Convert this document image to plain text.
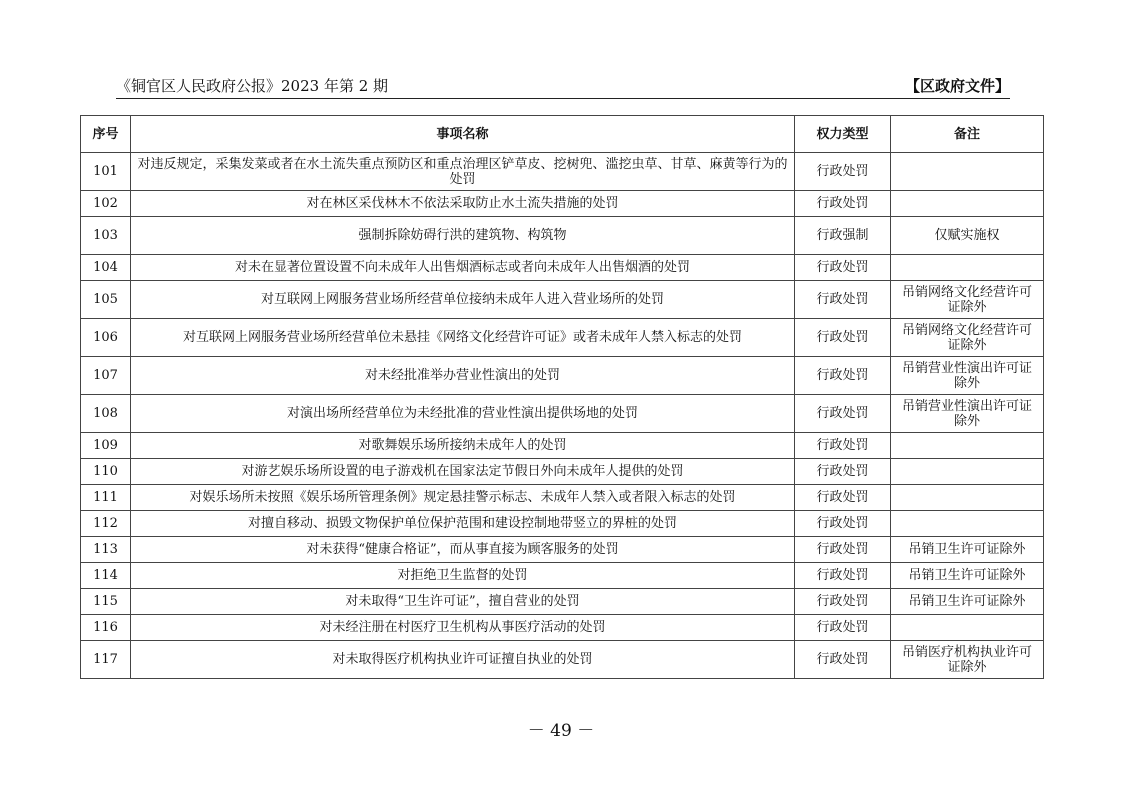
《铜官区人民政府公报》2023 年第 2 期	【区政府文件】
序号	事项名称	权力类型	备注
101	对违反规定，采集发菜或者在水土流失重点预防区和重点治理区铲草皮、挖树兜、滥挖虫草、甘草、麻黄等行为的处罚	行政处罚	
102	对在林区采伐林木不依法采取防止水土流失措施的处罚	行政处罚	
103	强制拆除妨碍行洪的建筑物、构筑物	行政强制	仅赋实施权
104	对未在显著位置设置不向未成年人出售烟酒标志或者向未成年人出售烟酒的处罚	行政处罚	
105	对互联网上网服务营业场所经营单位接纳未成年人进入营业场所的处罚	行政处罚	吊销网络文化经营许可证除外
106	对互联网上网服务营业场所经营单位未悬挂《网络文化经营许可证》或者未成年人禁入标志的处罚	行政处罚	吊销网络文化经营许可证除外
107	对未经批准举办营业性演出的处罚	行政处罚	吊销营业性演出许可证除外
108	对演出场所经营单位为未经批准的营业性演出提供场地的处罚	行政处罚	吊销营业性演出许可证除外
109	对歌舞娱乐场所接纳未成年人的处罚	行政处罚	
110	对游艺娱乐场所设置的电子游戏机在国家法定节假日外向未成年人提供的处罚	行政处罚	
111	对娱乐场所未按照《娱乐场所管理条例》规定悬挂警示标志、未成年人禁入或者限入标志的处罚	行政处罚	
112	对擅自移动、损毁文物保护单位保护范围和建设控制地带竖立的界桩的处罚	行政处罚	
113	对未获得“健康合格证”，而从事直接为顾客服务的处罚	行政处罚	吊销卫生许可证除外
114	对拒绝卫生监督的处罚	行政处罚	吊销卫生许可证除外
115	对未取得“卫生许可证”，擅自营业的处罚	行政处罚	吊销卫生许可证除外
116	对未经注册在村医疗卫生机构从事医疗活动的处罚	行政处罚	
117	对未取得医疗机构执业许可证擅自执业的处罚	行政处罚	吊销医疗机构执业许可证除外
－ 49 －
